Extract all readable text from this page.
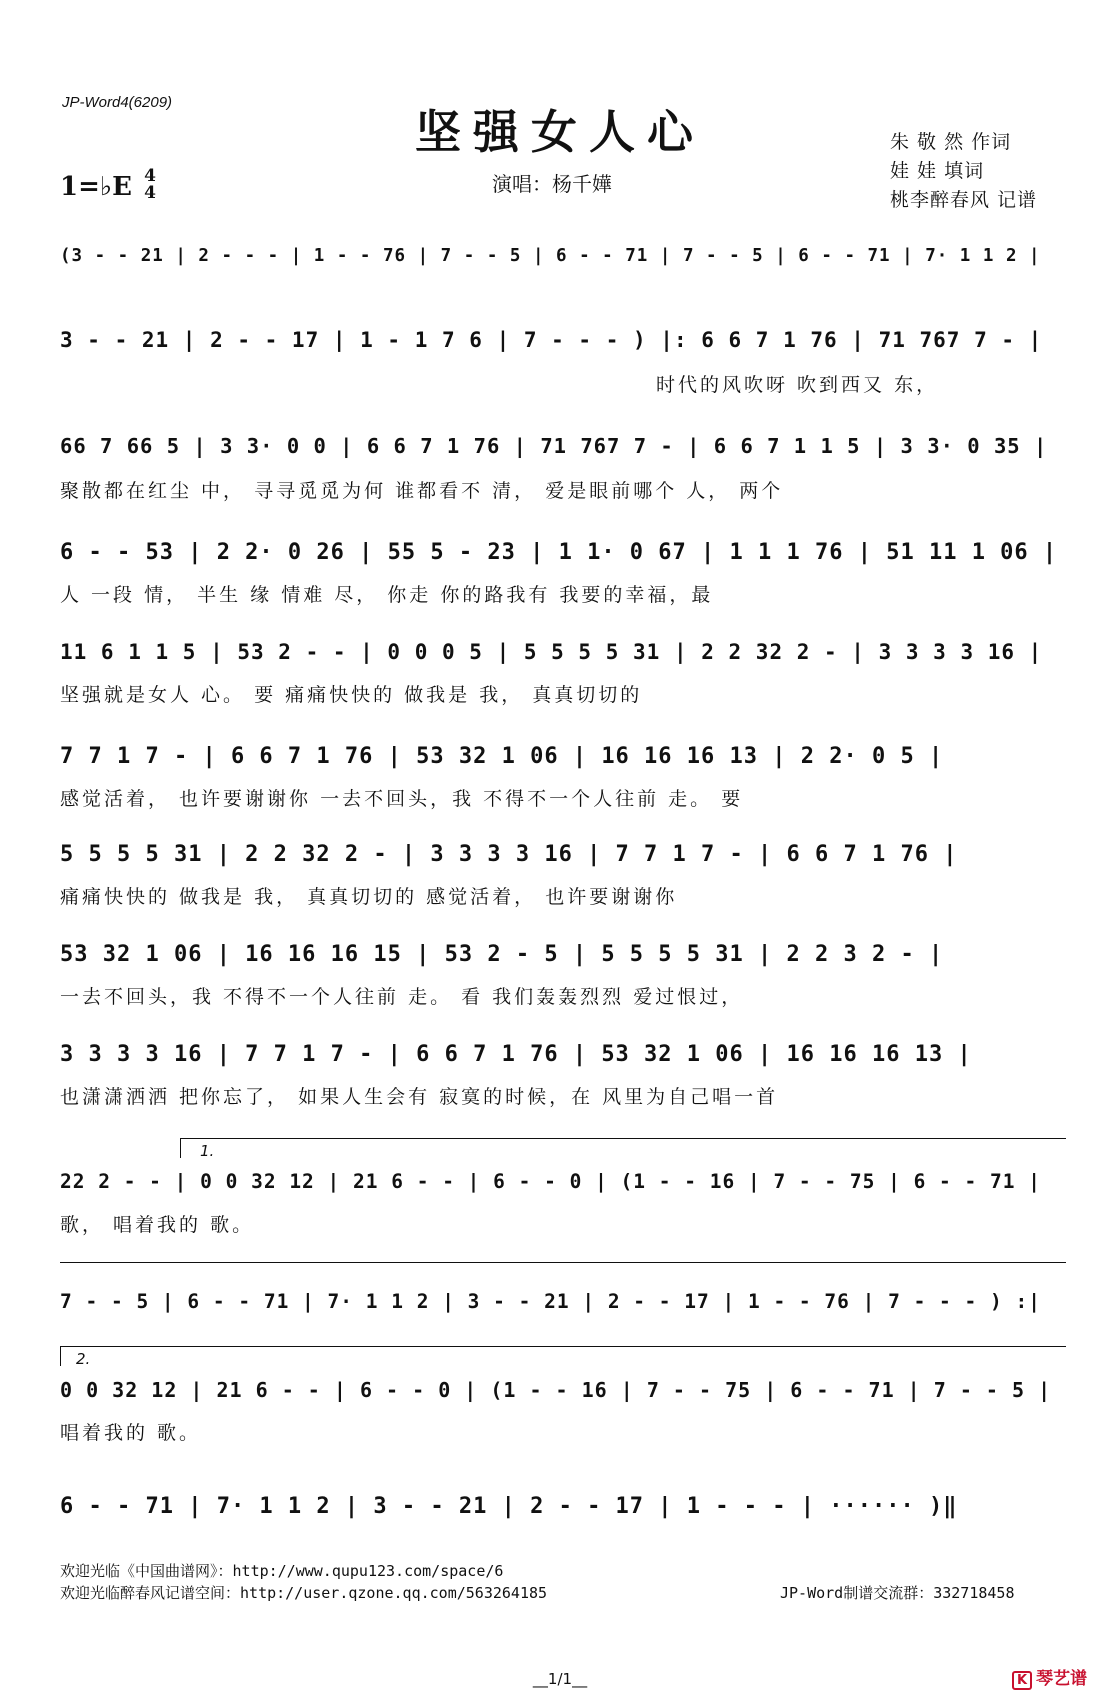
JP-Word4(6209)
坚强女人心
1=♭E 4
4	演唱：杨千嬅
朱 敬 然 作词
娃 娃 填词
桃李醉春风 记谱
(3 - - 21 | 2 - - - | 1 - - 76 | 7 - - 5 | 6 - - 71 | 7 - - 5 | 6 - - 71 | 7· 1 1 2 |
3 - - 21 | 2 - - 17 | 1 - 1 7 6 | 7 - - - ) |: 6 6 7 1 76 | 71 767 7 - |
时代的风吹呀 吹到西又 东，
66 7 66 5 | 3 3· 0 0 | 6 6 7 1 76 | 71 767 7 - | 6 6 7 1 1 5 | 3 3· 0 35 |
聚散都在红尘 中， 寻寻觅觅为何 谁都看不 清， 爱是眼前哪个 人， 两个
6 - - 53 | 2 2· 0 26 | 55 5 - 23 | 1 1· 0 67 | 1 1 1 76 | 51 11 1 06 |
人 一段 情， 半生 缘 情难 尽， 你走 你的路我有 我要的幸福，最
11 6 1 1 5 | 53 2 - - | 0 0 0 5 | 5 5 5 5 31 | 2 2 32 2 - | 3 3 3 3 16 |
坚强就是女人 心。 要 痛痛快快的 做我是 我， 真真切切的
7 7 1 7 - | 6 6 7 1 76 | 53 32 1 06 | 16 16 16 13 | 2 2· 0 5 |
感觉活着， 也许要谢谢你 一去不回头，我 不得不一个人往前 走。 要
5 5 5 5 31 | 2 2 32 2 - | 3 3 3 3 16 | 7 7 1 7 - | 6 6 7 1 76 |
痛痛快快的 做我是 我， 真真切切的 感觉活着， 也许要谢谢你
53 32 1 06 | 16 16 16 15 | 53 2 - 5 | 5 5 5 5 31 | 2 2 3 2 - |
一去不回头，我 不得不一个人往前 走。 看 我们轰轰烈烈 爱过恨过，
3 3 3 3 16 | 7 7 1 7 - | 6 6 7 1 76 | 53 32 1 06 | 16 16 16 13 |
也潇潇洒洒 把你忘了， 如果人生会有 寂寞的时候，在 风里为自己唱一首
1.
22 2 - - | 0 0 32 12 | 21 6 - - | 6 - - 0 | (1 - - 16 | 7 - - 75 | 6 - - 71 |
歌， 唱着我的 歌。
7 - - 5 | 6 - - 71 | 7· 1 1 2 | 3 - - 21 | 2 - - 17 | 1 - - 76 | 7 - - - ) :|
2.
0 0 32 12 | 21 6 - - | 6 - - 0 | (1 - - 16 | 7 - - 75 | 6 - - 71 | 7 - - 5 |
唱着我的 歌。
6 - - 71 | 7· 1 1 2 | 3 - - 21 | 2 - - 17 | 1 - - - | ······ )‖
欢迎光临《中国曲谱网》：http://www.qupu123.com/space/6
欢迎光临醉春风记谱空间：http://user.qzone.qq.com/563264185	JP-Word制谱交流群：332718458
__1/1__	K 琴艺谱
